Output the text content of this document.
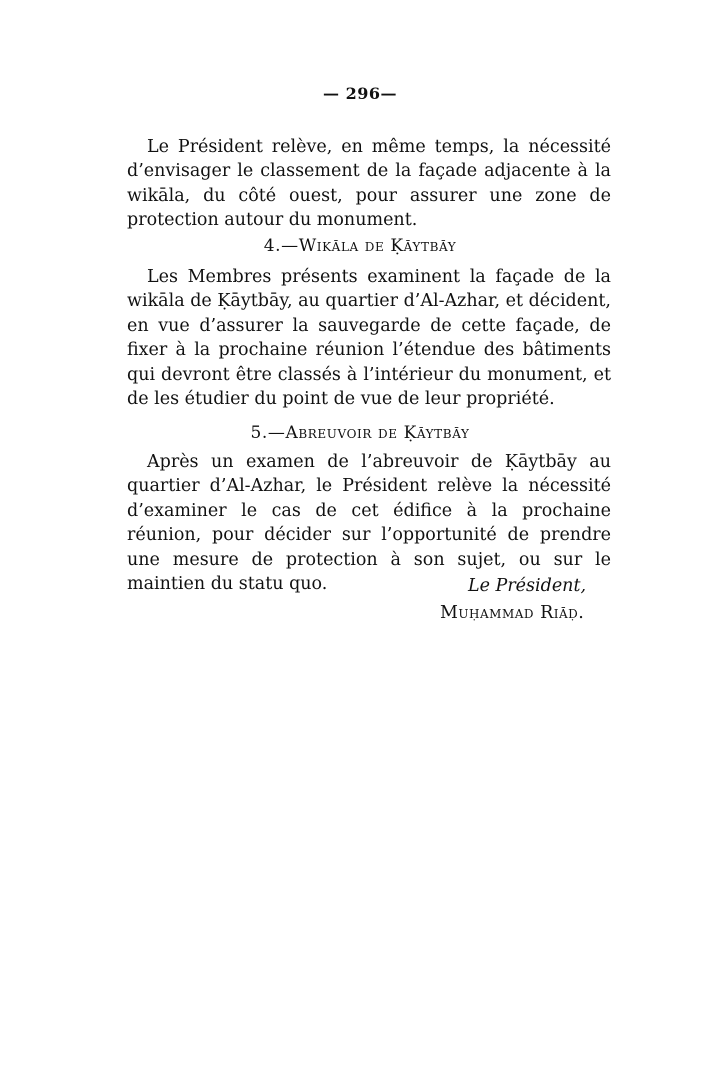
— 296—

Le Président relève, en même temps, la nécessité d’envisager le classement de la façade adjacente à la wikāla, du côté ouest, pour assurer une zone de protection autour du monument.

4.—Wikāla de Ḳāytbāy

Les Membres présents examinent la façade de la wikāla de Ḳāytbāy, au quartier d’Al-Azhar, et décident, en vue d’assurer la sauvegarde de cette façade, de fixer à la prochaine réunion l’étendue des bâtiments qui devront être classés à l’intérieur du monument, et de les étudier du point de vue de leur propriété.

5.—Abreuvoir de Ḳāytbāy

Après un examen de l’abreuvoir de Ḳāytbāy au quartier d’Al-Azhar, le Président relève la nécessité d’examiner le cas de cet édifice à la prochaine réunion, pour décider sur l’opportunité de prendre une mesure de protection à son sujet, ou sur le maintien du statu quo.	Le Président,
Muḥammad Riāḍ.
